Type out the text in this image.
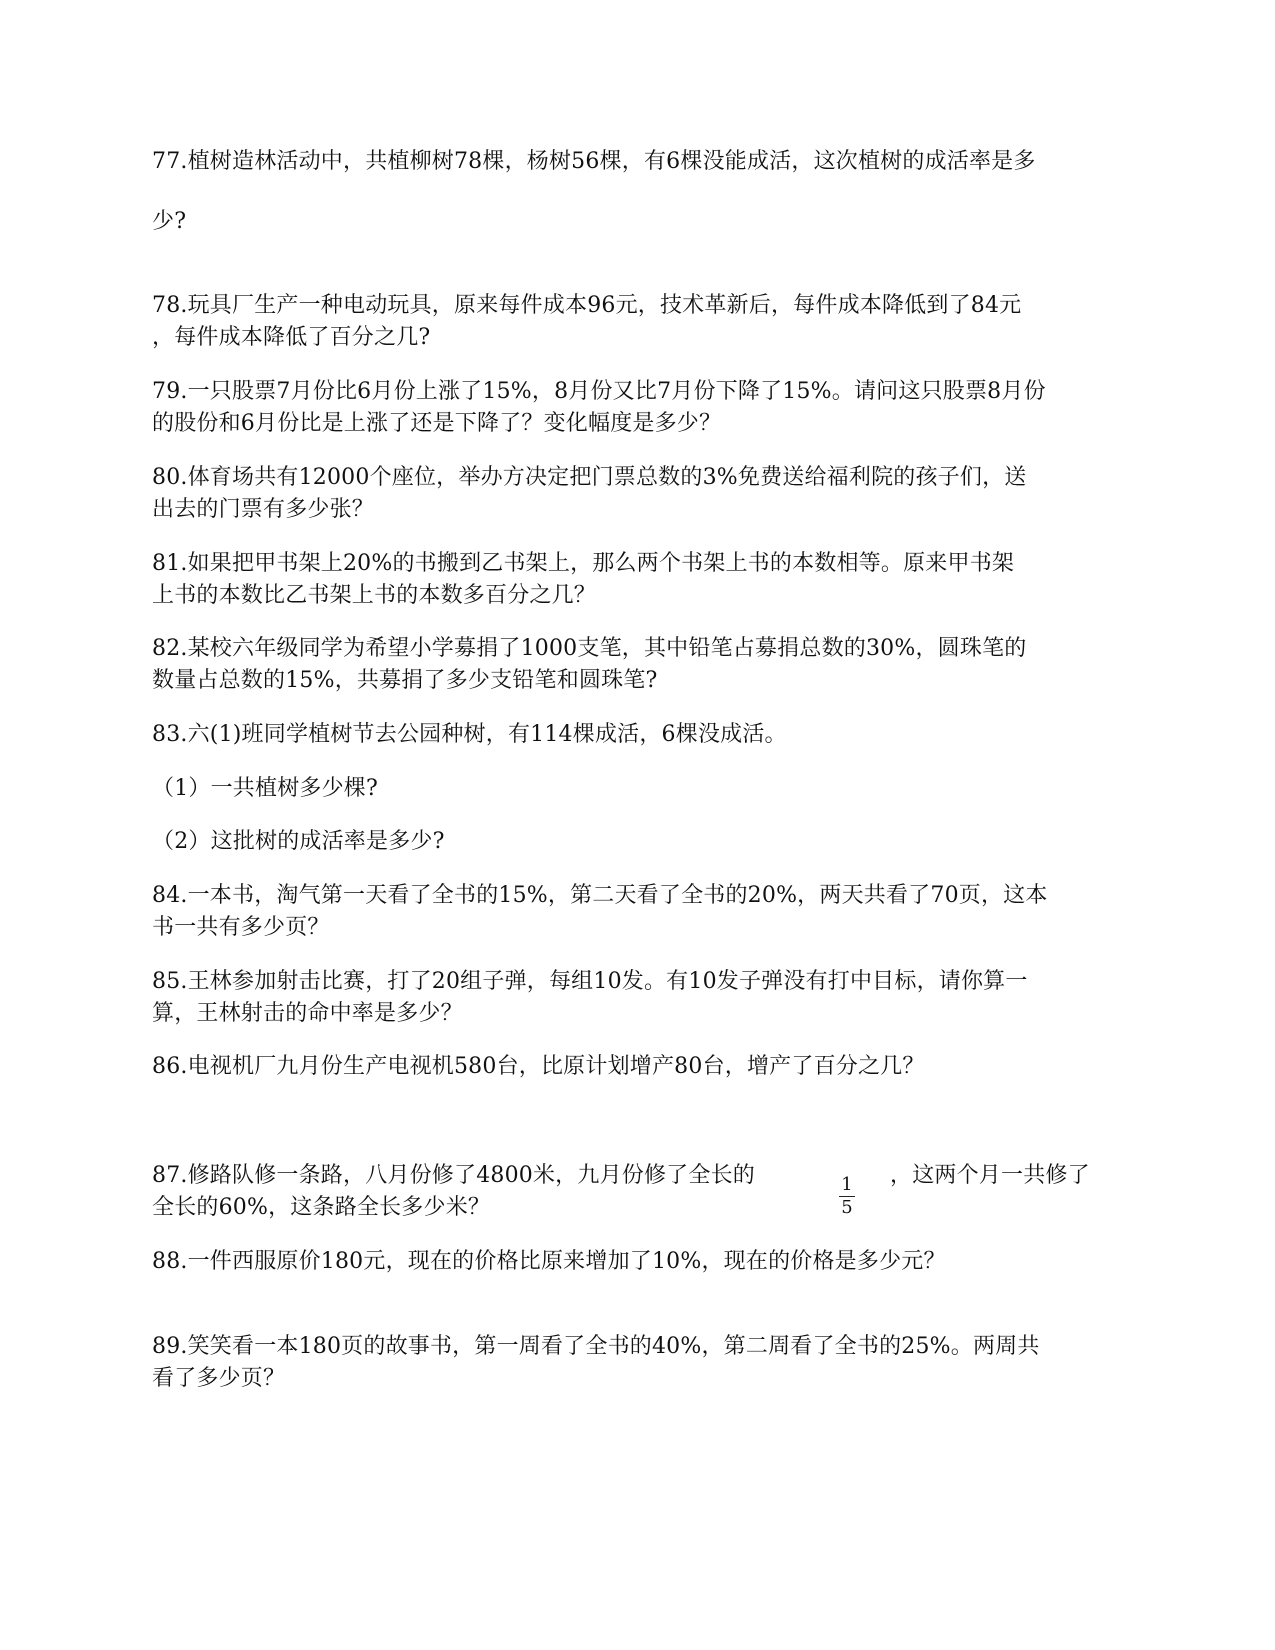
77.植树造林活动中，共植柳树78棵，杨树56棵，有6棵没能成活，这次植树的成活率是多
少?
78.玩具厂生产一种电动玩具，原来每件成本96元，技术革新后，每件成本降低到了84元
，每件成本降低了百分之几?
79.一只股票7月份比6月份上涨了15%，8月份又比7月份下降了15%。请问这只股票8月份
的股份和6月份比是上涨了还是下降了？变化幅度是多少？
80.体育场共有12000个座位，举办方决定把门票总数的3%免费送给福利院的孩子们，送
出去的门票有多少张？
81.如果把甲书架上20%的书搬到乙书架上，那么两个书架上书的本数相等。原来甲书架
上书的本数比乙书架上书的本数多百分之几？
82.某校六年级同学为希望小学募捐了1000支笔，其中铅笔占募捐总数的30%，圆珠笔的
数量占总数的15%，共募捐了多少支铅笔和圆珠笔?
83.六(1)班同学植树节去公园种树，有114棵成活，6棵没成活。
（1）一共植树多少棵?
（2）这批树的成活率是多少?
84.一本书，淘气第一天看了全书的15%，第二天看了全书的20%，两天共看了70页，这本
书一共有多少页？
85.王林参加射击比赛，打了20组子弹，每组10发。有10发子弹没有打中目标，请你算一
算，王林射击的命中率是多少？
86.电视机厂九月份生产电视机580台，比原计划增产80台，增产了百分之几？
87.修路队修一条路，八月份修了4800米，九月份修了全长的	1
5
，这两个月一共修了
全长的60%，这条路全长多少米？
88.一件西服原价180元，现在的价格比原来增加了10%，现在的价格是多少元？
89.笑笑看一本180页的故事书，第一周看了全书的40%，第二周看了全书的25%。两周共
看了多少页？
